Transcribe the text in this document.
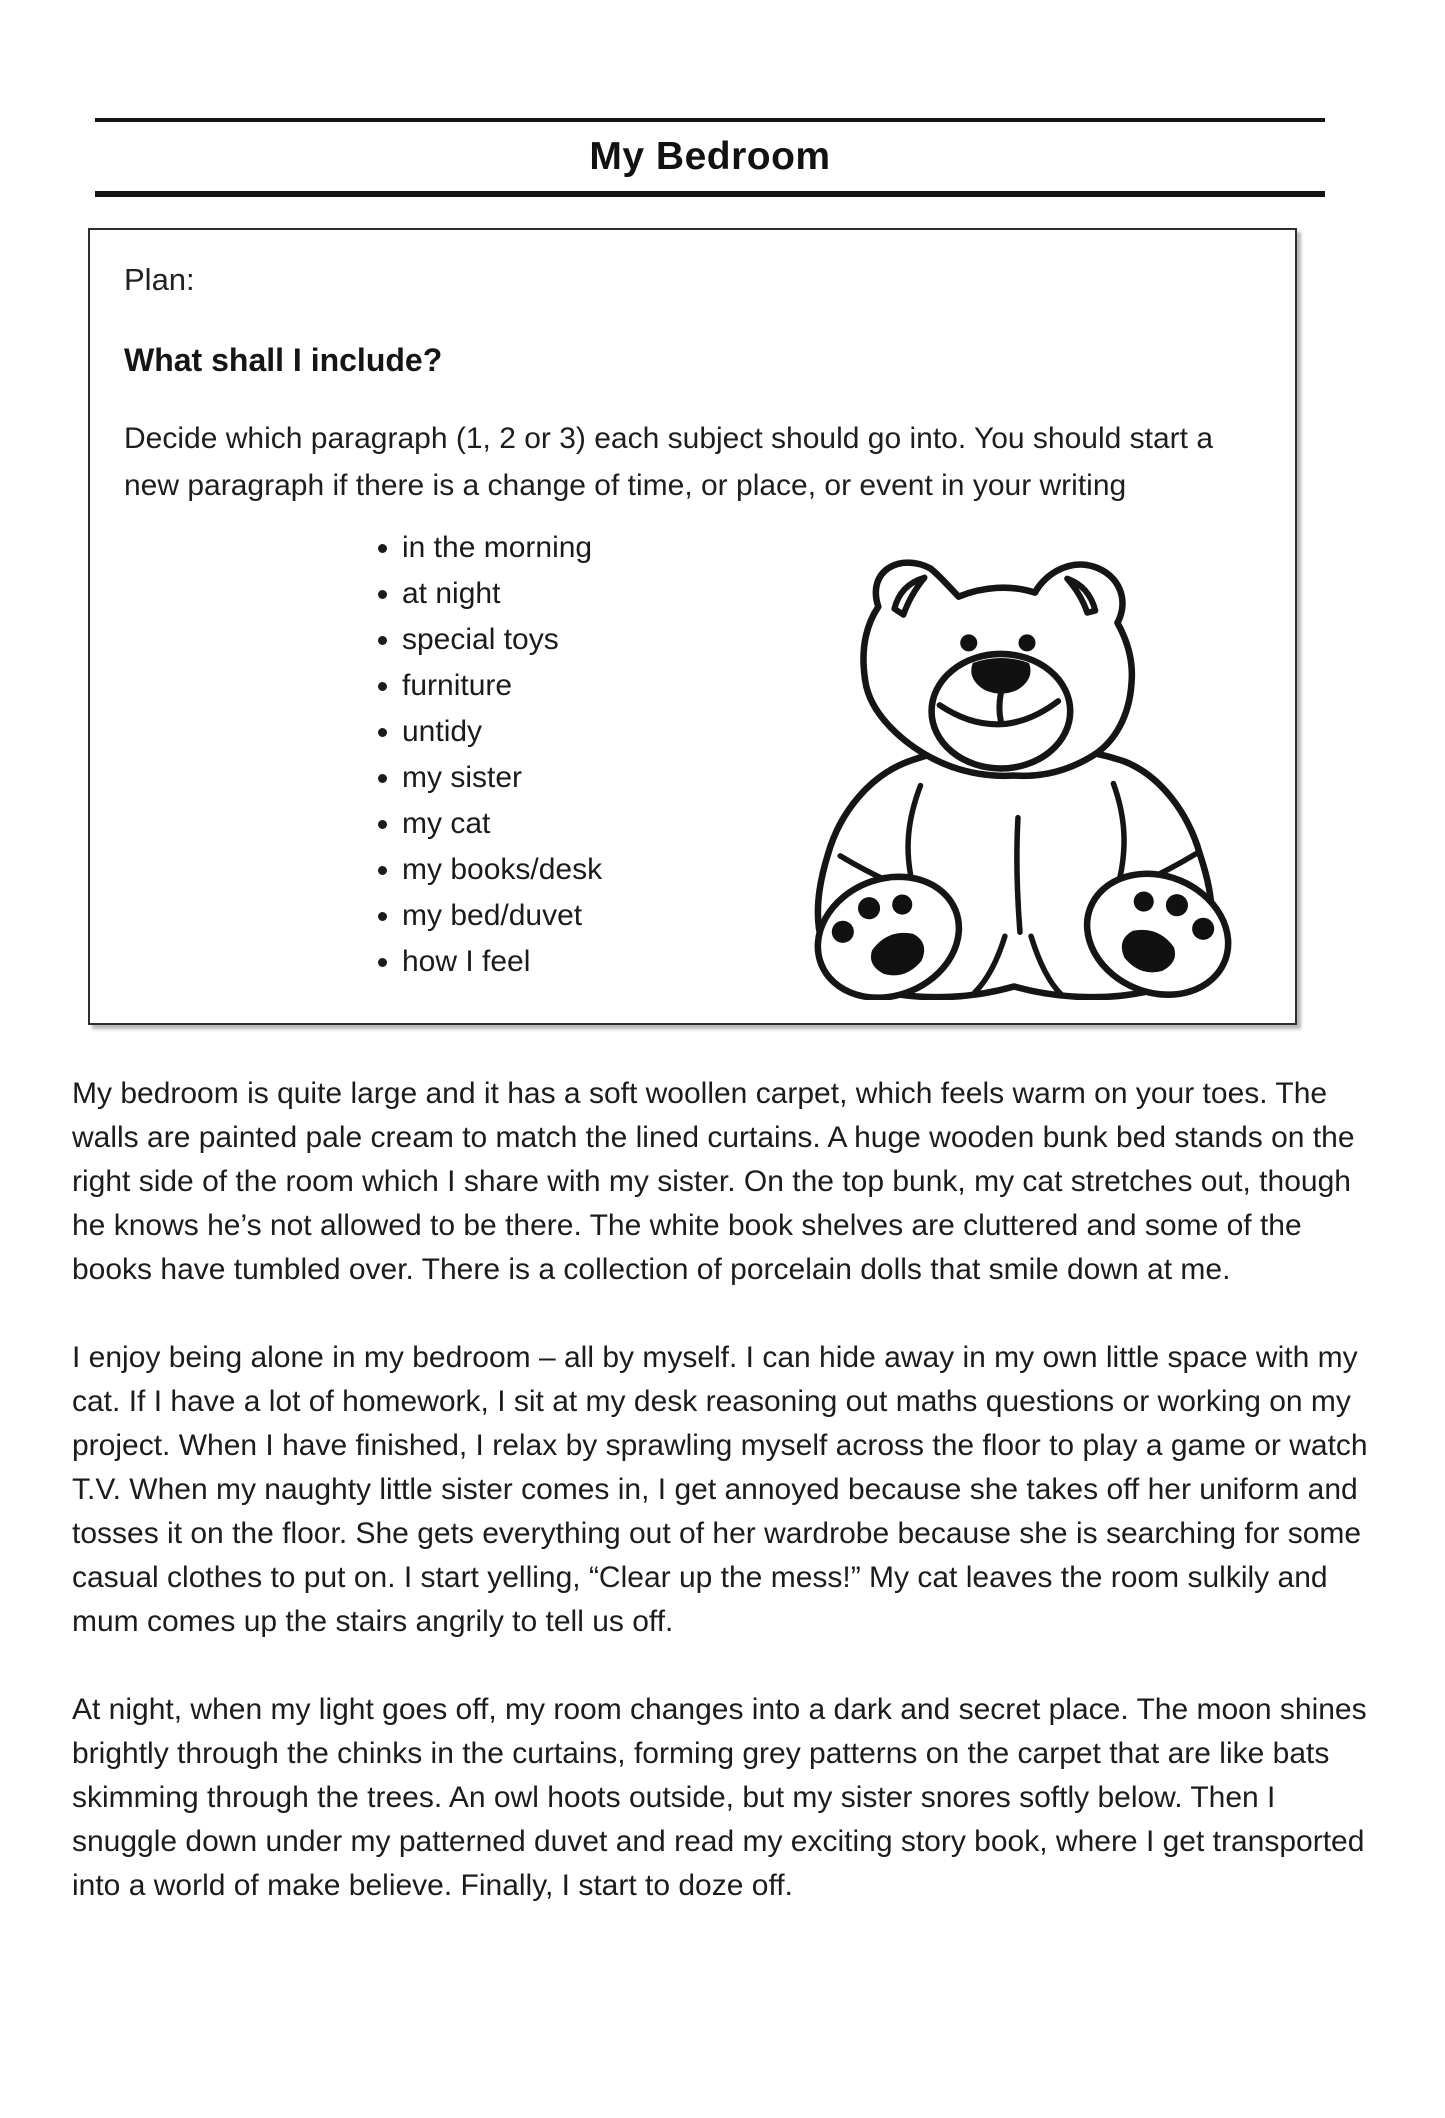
My Bedroom

Plan:

What shall I include?

Decide which paragraph (1, 2 or 3) each subject should go into. You should start a new paragraph if there is a change of time, or place, or event in your writing

• in the morning
• at night
• special toys
• furniture
• untidy
• my sister
• my cat
• my books/desk
• my bed/duvet
• how I feel

My bedroom is quite large and it has a soft woollen carpet, which feels warm on your toes. The walls are painted pale cream to match the lined curtains. A huge wooden bunk bed stands on the right side of the room which I share with my sister. On the top bunk, my cat stretches out, though he knows he’s not allowed to be there. The white book shelves are cluttered and some of the books have tumbled over. There is a collection of porcelain dolls that smile down at me.

I enjoy being alone in my bedroom – all by myself. I can hide away in my own little space with my cat. If I have a lot of homework, I sit at my desk reasoning out maths questions or working on my project. When I have finished, I relax by sprawling myself across the floor to play a game or watch T.V. When my naughty little sister comes in, I get annoyed because she takes off her uniform and tosses it on the floor. She gets everything out of her wardrobe because she is searching for some casual clothes to put on. I start yelling, “Clear up the mess!” My cat leaves the room sulkily and mum comes up the stairs angrily to tell us off.

At night, when my light goes off, my room changes into a dark and secret place. The moon shines brightly through the chinks in the curtains, forming grey patterns on the carpet that are like bats skimming through the trees. An owl hoots outside, but my sister snores softly below. Then I snuggle down under my patterned duvet and read my exciting story book, where I get transported into a world of make believe. Finally, I start to doze off.
